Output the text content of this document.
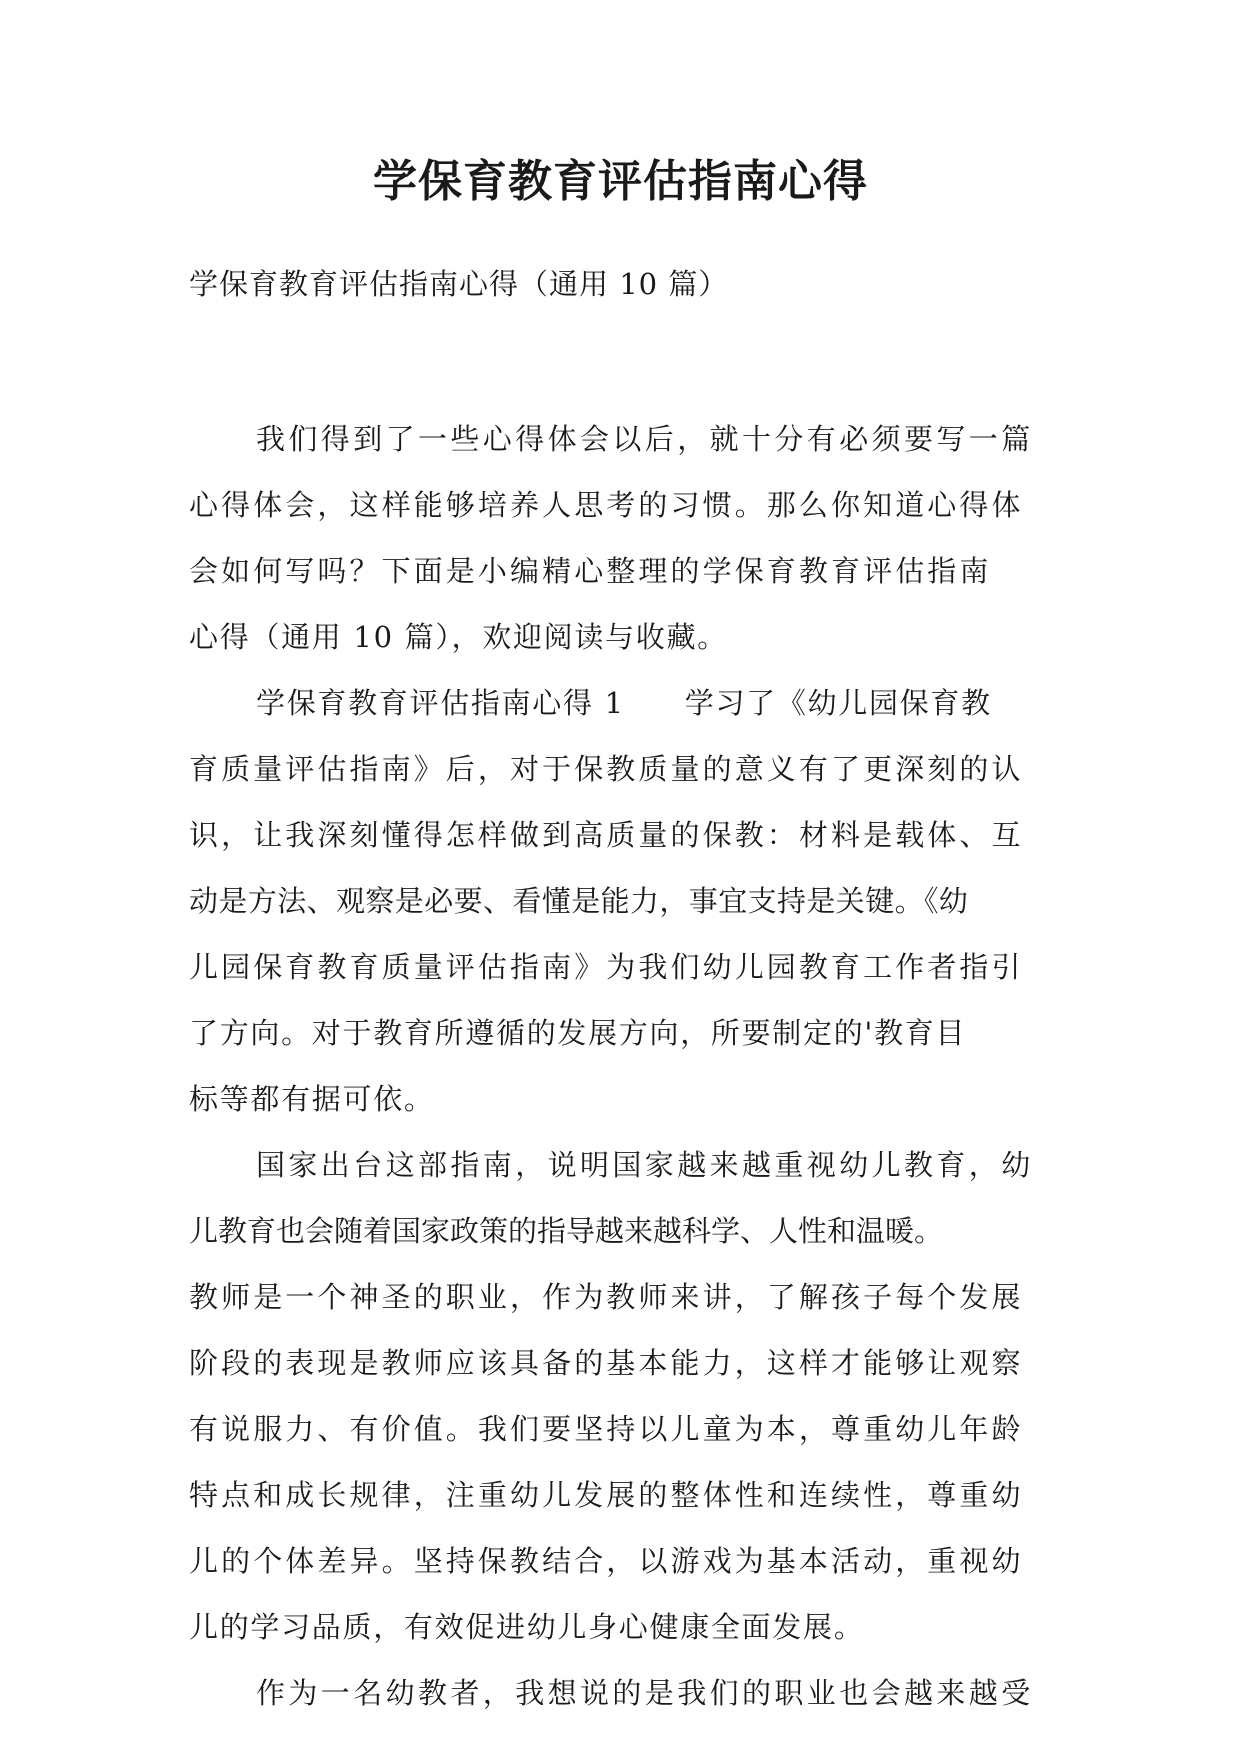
学保育教育评估指南心得

学保育教育评估指南心得（通用 10 篇）

我们得到了一些心得体会以后，就十分有必须要写一篇
心得体会，这样能够培养人思考的习惯。那么你知道心得体
会如何写吗？下面是小编精心整理的学保育教育评估指南
心得（通用 10 篇），欢迎阅读与收藏。
学保育教育评估指南心得 1 学习了《幼儿园保育教
育质量评估指南》后，对于保教质量的意义有了更深刻的认
识，让我深刻懂得怎样做到高质量的保教：材料是载体、互
动是方法、观察是必要、看懂是能力，事宜支持是关键。《幼
儿园保育教育质量评估指南》为我们幼儿园教育工作者指引
了方向。对于教育所遵循的发展方向，所要制定的'教育目
标等都有据可依。
国家出台这部指南，说明国家越来越重视幼儿教育，幼
儿教育也会随着国家政策的指导越来越科学、人性和温暖。
教师是一个神圣的职业，作为教师来讲，了解孩子每个发展
阶段的表现是教师应该具备的基本能力，这样才能够让观察
有说服力、有价值。我们要坚持以儿童为本，尊重幼儿年龄
特点和成长规律，注重幼儿发展的整体性和连续性，尊重幼
儿的个体差异。坚持保教结合，以游戏为基本活动，重视幼
儿的学习品质，有效促进幼儿身心健康全面发展。
作为一名幼教者，我想说的是我们的职业也会越来越受
